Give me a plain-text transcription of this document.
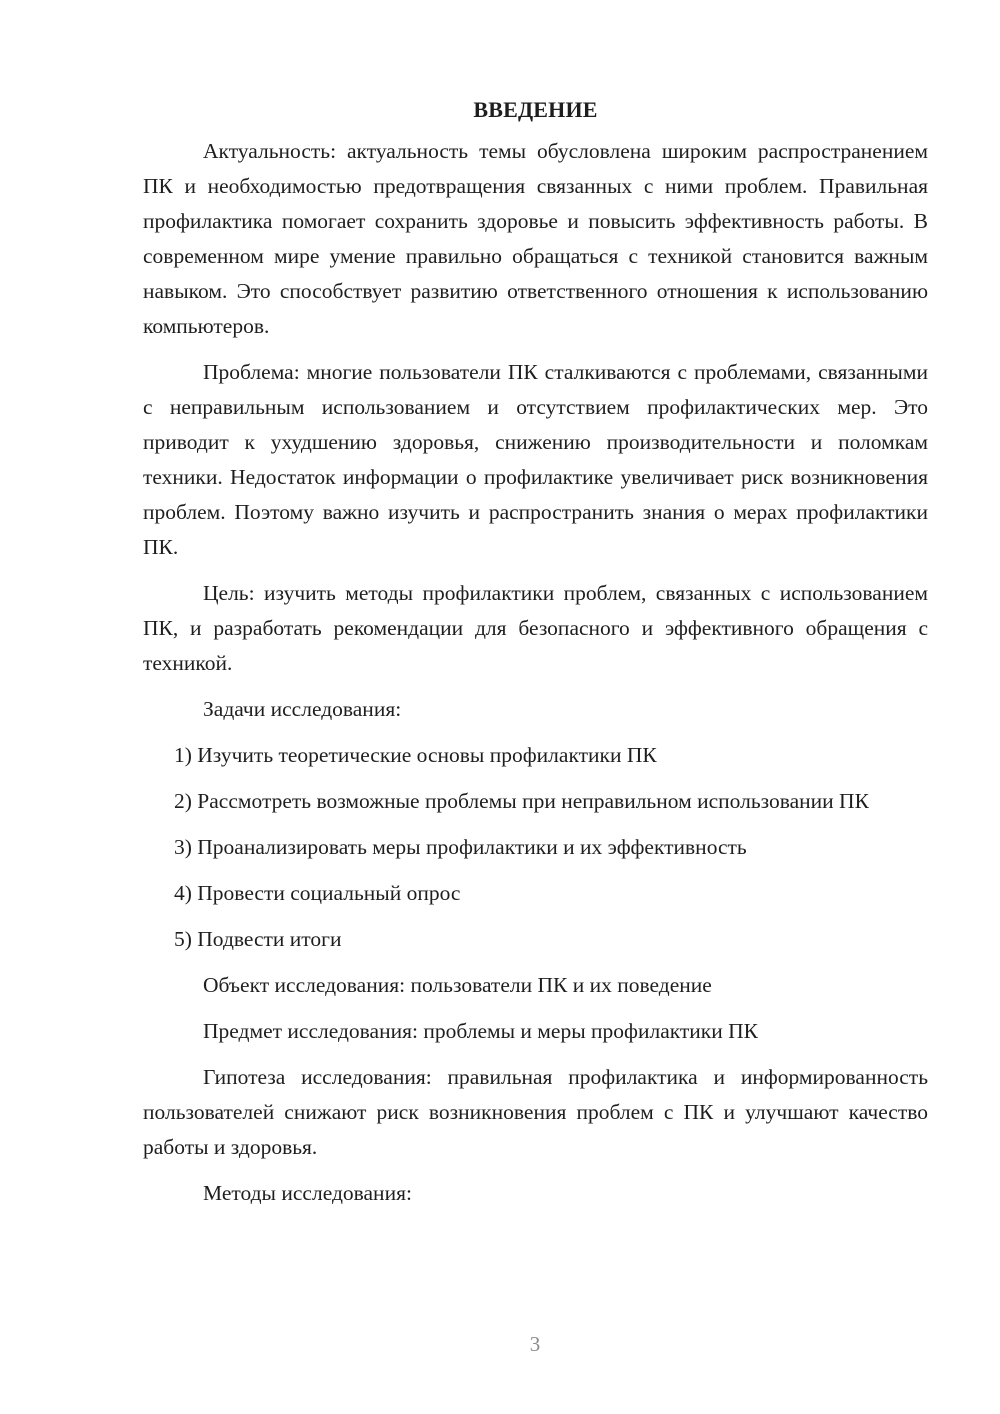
ВВЕДЕНИЕ

Актуальность: актуальность темы обусловлена широким распространением ПК и необходимостью предотвращения связанных с ними проблем. Правильная профилактика помогает сохранить здоровье и повысить эффективность работы. В современном мире умение правильно обращаться с техникой становится важным навыком. Это способствует развитию ответственного отношения к использованию компьютеров.

Проблема: многие пользователи ПК сталкиваются с проблемами, связанными с неправильным использованием и отсутствием профилактических мер. Это приводит к ухудшению здоровья, снижению производительности и поломкам техники. Недостаток информации о профилактике увеличивает риск возникновения проблем. Поэтому важно изучить и распространить знания о мерах профилактики ПК.

Цель: изучить методы профилактики проблем, связанных с использованием ПК, и разработать рекомендации для безопасного и эффективного обращения с техникой.

Задачи исследования:

1) Изучить теоретические основы профилактики ПК

2) Рассмотреть возможные проблемы при неправильном использовании ПК

3) Проанализировать меры профилактики и их эффективность

4) Провести социальный опрос

5) Подвести итоги

Объект исследования: пользователи ПК и их поведение

Предмет исследования: проблемы и меры профилактики ПК

Гипотеза исследования: правильная профилактика и информированность пользователей снижают риск возникновения проблем с ПК и улучшают качество работы и здоровья.

Методы исследования:

3
